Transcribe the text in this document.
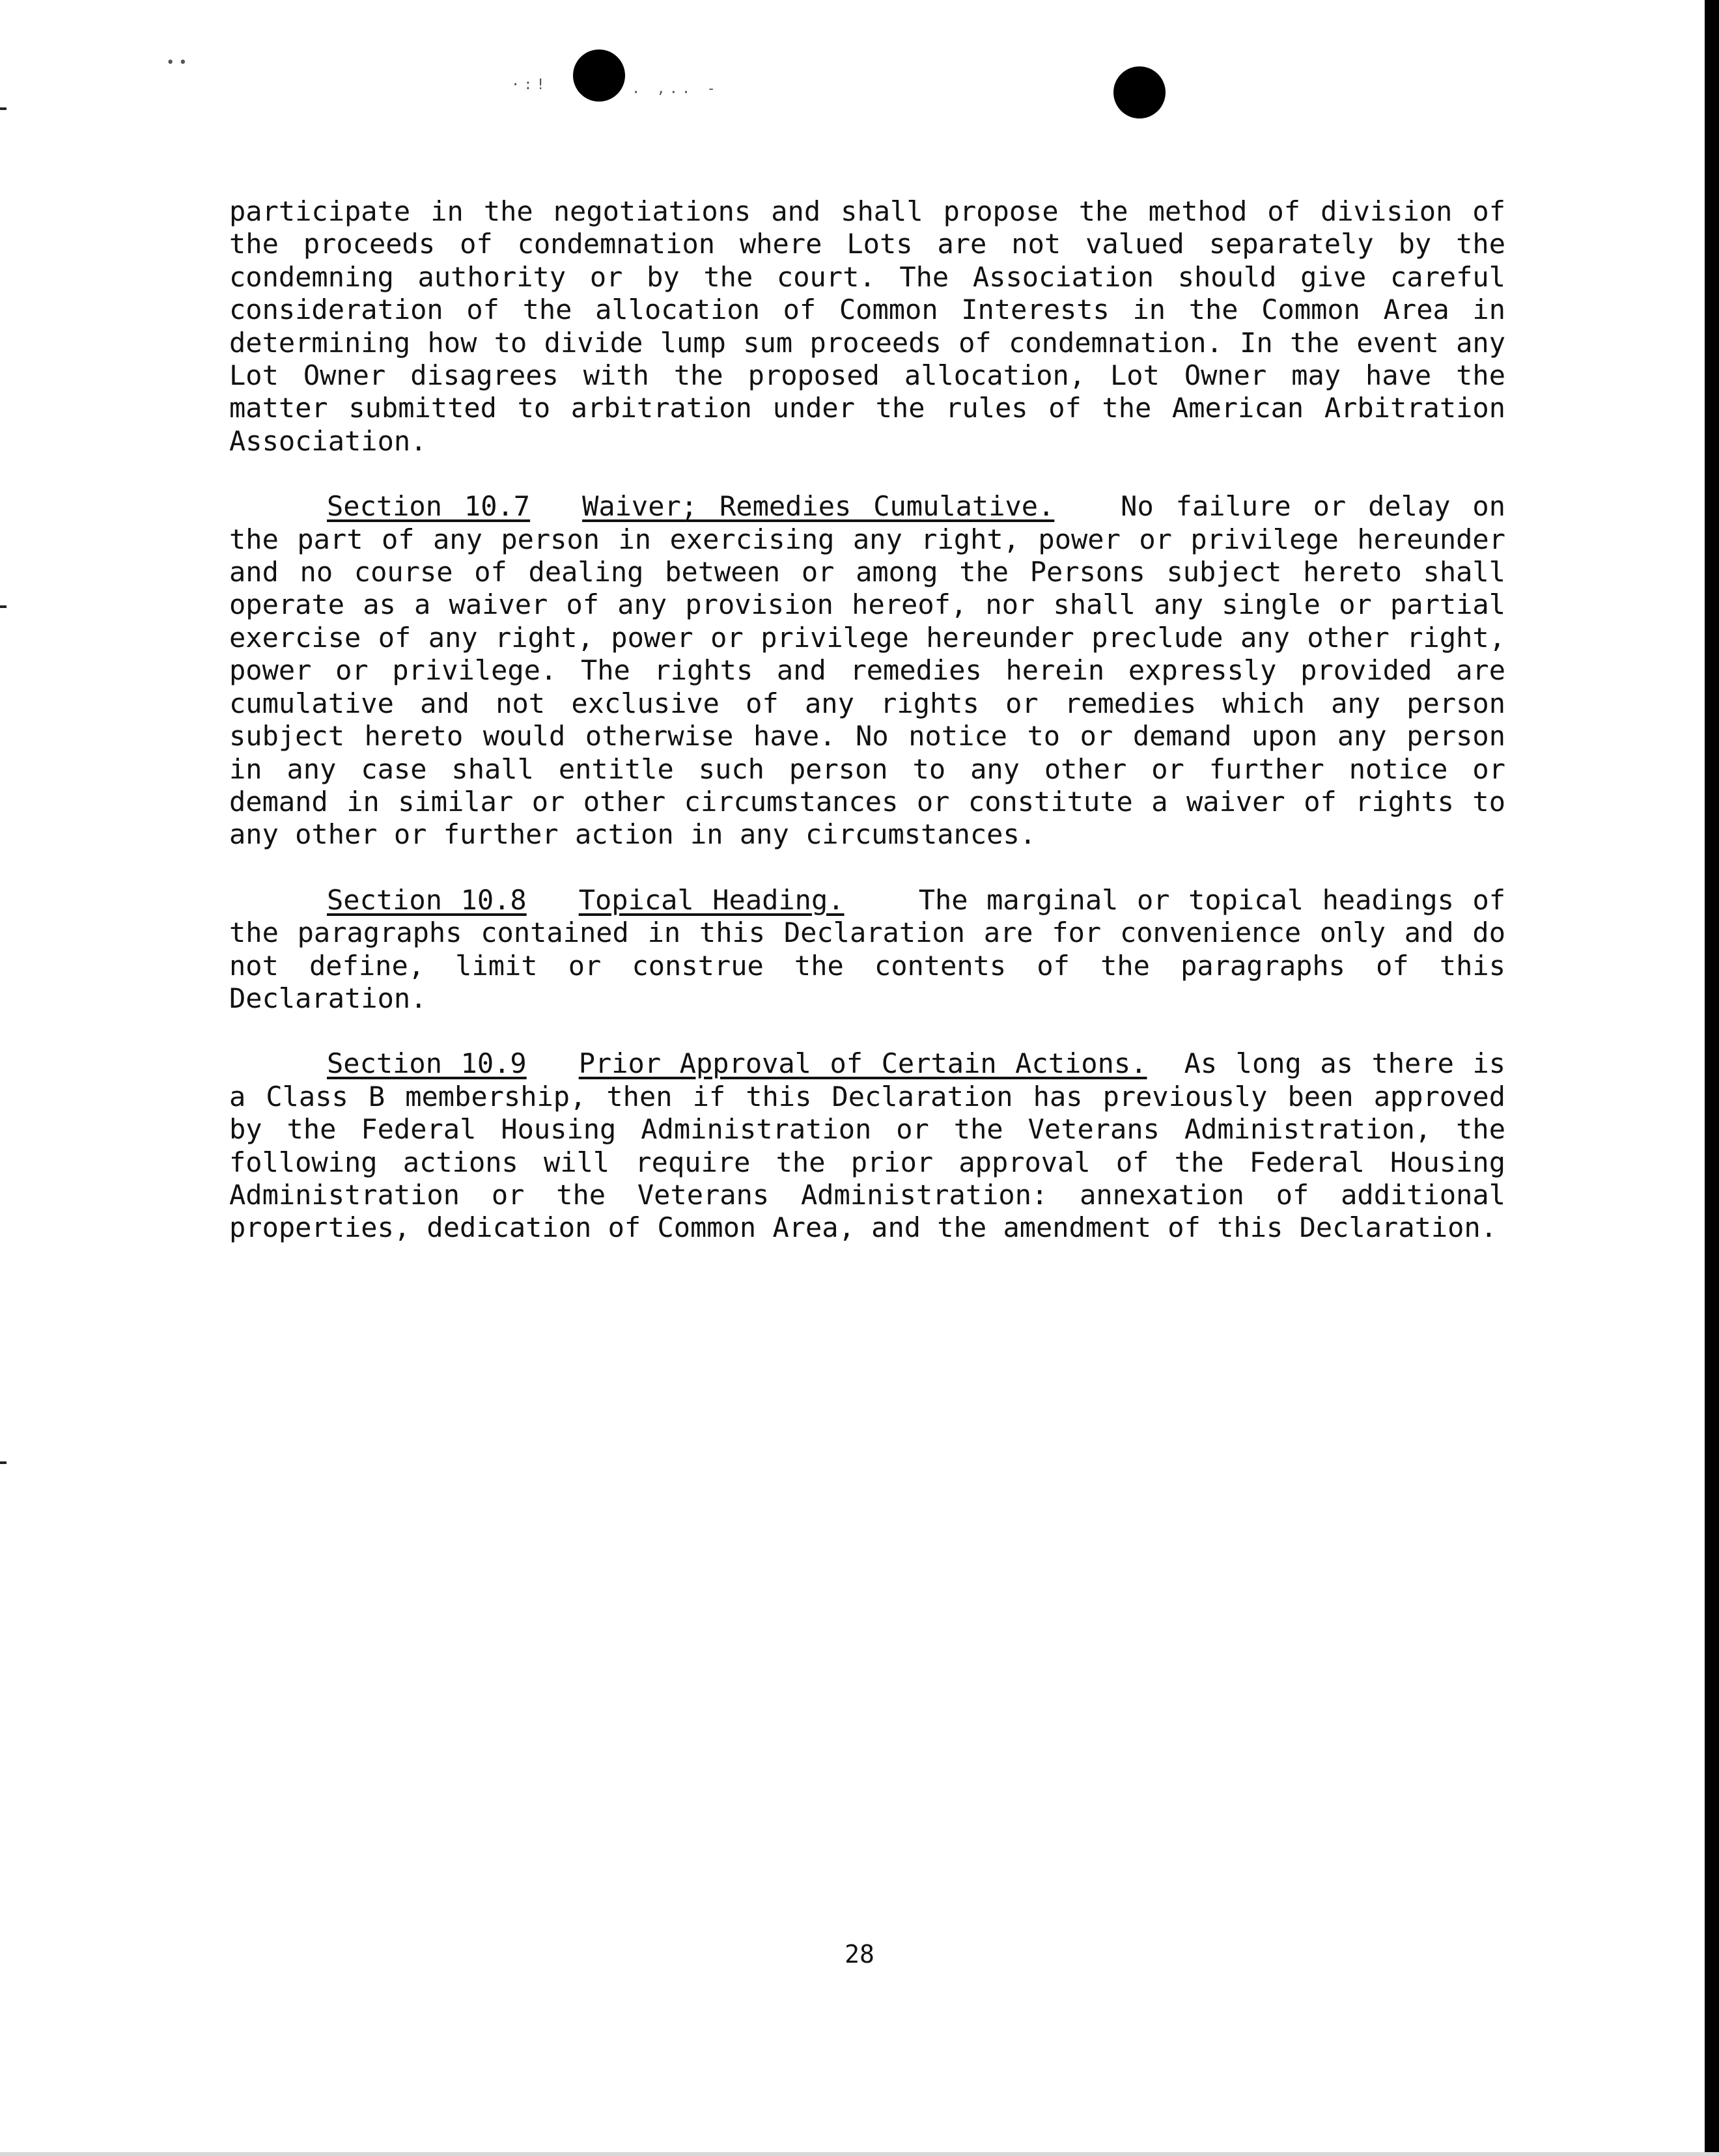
••
·:!	. ,.. -

participate in the negotiations and shall propose the method of division of the proceeds of condemnation where Lots are not valued separately by the condemning authority or by the court. The Association should give careful consideration of the allocation of Common Interests in the Common Area in determining how to divide lump sum proceeds of condemnation. In the event any Lot Owner disagrees with the proposed allocation, Lot Owner may have the matter submitted to arbitration under the rules of the American Arbitration Association.

Section 10.7 Waiver; Remedies Cumulative. No failure or delay on the part of any person in exercising any right, power or privilege hereunder and no course of dealing between or among the Persons subject hereto shall operate as a waiver of any provision hereof, nor shall any single or partial exercise of any right, power or privilege hereunder preclude any other right, power or privilege. The rights and remedies herein expressly provided are cumulative and not exclusive of any rights or remedies which any person subject hereto would otherwise have. No notice to or demand upon any person in any case shall entitle such person to any other or further notice or demand in similar or other circumstances or constitute a waiver of rights to any other or further action in any circumstances.

Section 10.8 Topical Heading.	The marginal or topical headings of the paragraphs contained in this Declaration are for convenience only and do not define, limit or construe the contents of the paragraphs of this Declaration.

Section 10.9 Prior Approval of Certain Actions. As long as there is a Class B membership, then if this Declaration has previously been approved by the Federal Housing Administration or the Veterans Administration, the following actions will require the prior approval of the Federal Housing Administration or the Veterans Administration: annexation of additional properties, dedication of Common Area, and the amendment of this Declaration.

28
